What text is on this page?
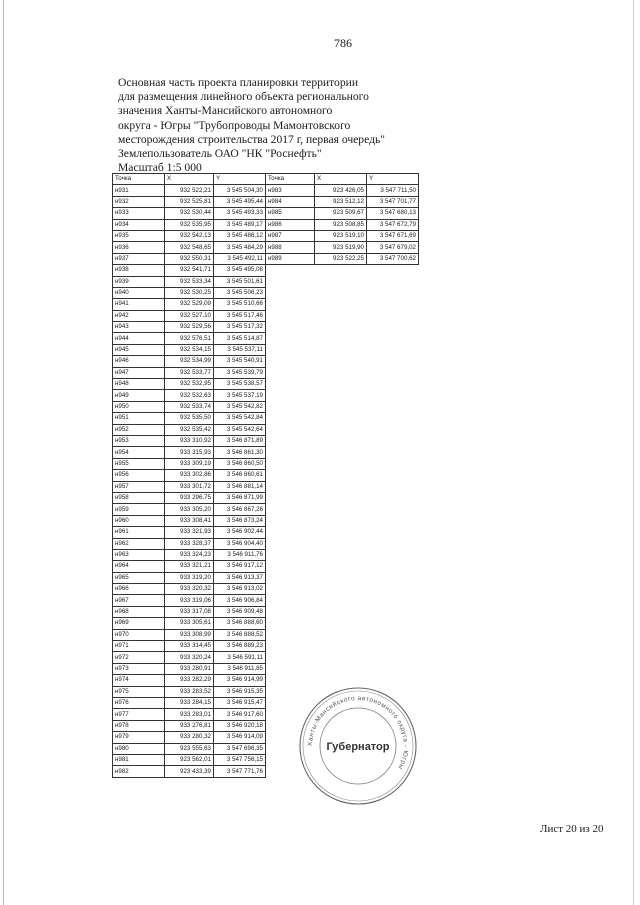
786
Основная часть проекта планировки территории
для размещения линейного объекта регионального
значения Ханты-Мансийского автономного
округа - Югры "Трубопроводы Мамонтовского
месторождения строительства 2017 г, первая очередь"
Землепользователь ОАО "НК "Роснефть"
Масштаб 1:5 000
Точка	X	Y
н931	932 522,21	3 545 504,30
н932	932 525,81	3 545 495,44
н933	932 530,44	3 545 493,33
н934	932 535,95	3 545 489,17
н935	932 542,13	3 545 486,12
н936	932 548,65	3 545 484,29
н937	932 550,31	3 545 492,11
н938	932 541,71	3 545 495,08
н939	932 533,34	3 545 501,61
н940	932 530,25	3 545 506,23
н941	932 529,09	3 545 510,66
н942	932 527,10	3 545 517,46
н943	932 529,56	3 545 517,32
н944	932 576,51	3 545 514,87
н945	932 534,15	3 545 537,11
н946	932 534,99	3 545 540,91
н947	932 533,77	3 545 539,79
н948	932 532,95	3 545 538,57
н949	932 532,63	3 545 537,19
н950	932 533,74	3 545 542,82
н951	932 535,50	3 545 542,84
н952	932 535,42	3 545 542,64
н953	933 310,92	3 546 871,89
н954	933 315,93	3 546 861,30
н955	933 309,19	3 546 860,50
н956	933 302,86	3 546 860,61
н957	933 301,72	3 546 881,14
н958	933 296,75	3 546 871,99
н959	933 305,20	3 546 867,26
н960	933 308,41	3 546 873,24
н961	933 321,93	3 546 902,44
н962	933 328,37	3 546 904,40
н963	933 324,23	3 546 911,76
н964	933 321,21	3 546 917,12
н965	933 319,20	3 546 913,37
н966	933 320,32	3 546 913,02
н967	933 319,06	3 546 906,84
н968	933 317,08	3 546 909,48
н969	933 305,61	3 546 888,60
н970	933 308,99	3 546 888,52
н971	933 314,45	3 546 889,23
н972	933 320,24	3 546 591,11
н973	933 280,91	3 546 911,85
н974	933 282,29	3 546 914,99
н975	933 283,52	3 546 915,35
н976	933 284,15	3 546 915,47
н977	933 283,01	3 546 917,60
н978	933 276,81	3 546 920,18
н979	933 280,32	3 546 914,09
н980	923 555,63	3 547 696,35
н981	923 562,01	3 547 756,15
н982	923 433,39	3 547 771,76
Точка	X	Y
н983	923 426,05	3 547 711,50
н984	923 512,12	3 547 701,77
н985	923 509,67	3 547 680,13
н986	923 508,85	3 547 672,79
н987	923 519,10	3 547 671,69
н988	923 519,90	3 547 679,02
н989	923 522,25	3 547 700,62
Ханты-Мансийского автономного округа - Югры
Губернатор
Лист 20 из 20
